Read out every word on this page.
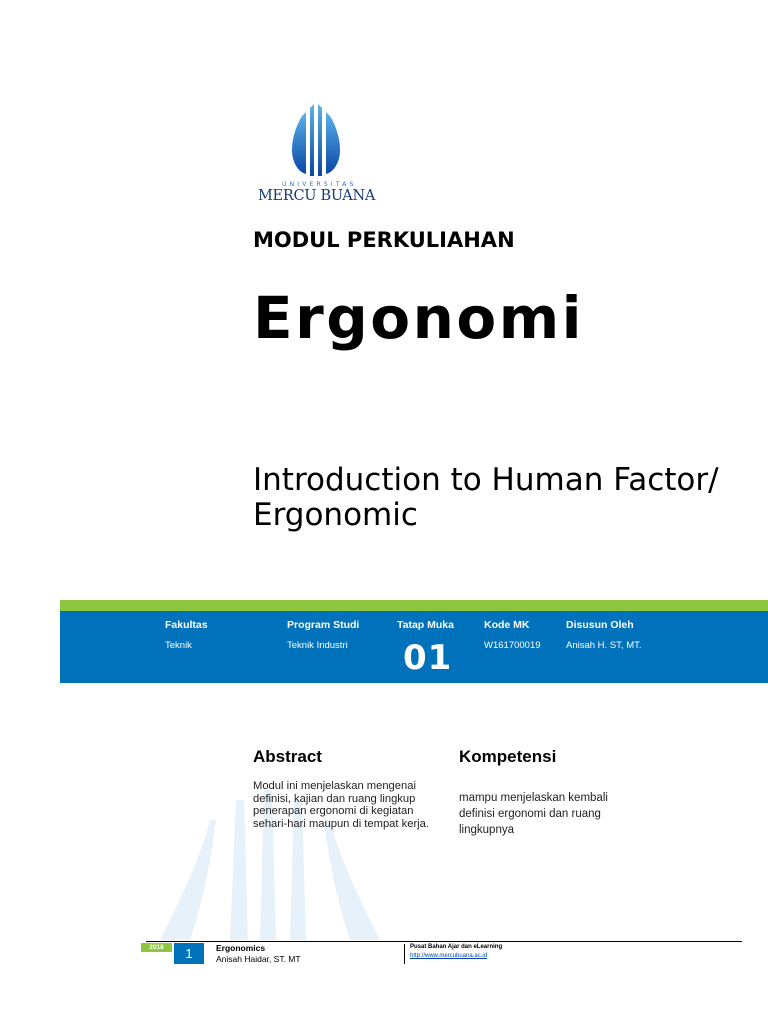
UNIVERSITAS
MERCU BUANA
MODUL PERKULIAHAN
Ergonomi
Introduction to Human Factor/ Ergonomic
Fakultas
Teknik
Program Studi
Teknik Industri
Tatap Muka
01
Kode MK
W161700019
Disusun Oleh
Anisah H. ST, MT.
Abstract
Modul ini menjelaskan mengenai definisi, kajian dan ruang lingkup penerapan ergonomi di kegiatan sehari-hari maupun di tempat kerja.
Kompetensi
mampu menjelaskan kembali definisi ergonomi dan ruang lingkupnya
2018	1	Ergonomics
Anisah Haidar, ST. MT
Pusat Bahan Ajar dan eLearning
http://www.mercubuana.ac.id
